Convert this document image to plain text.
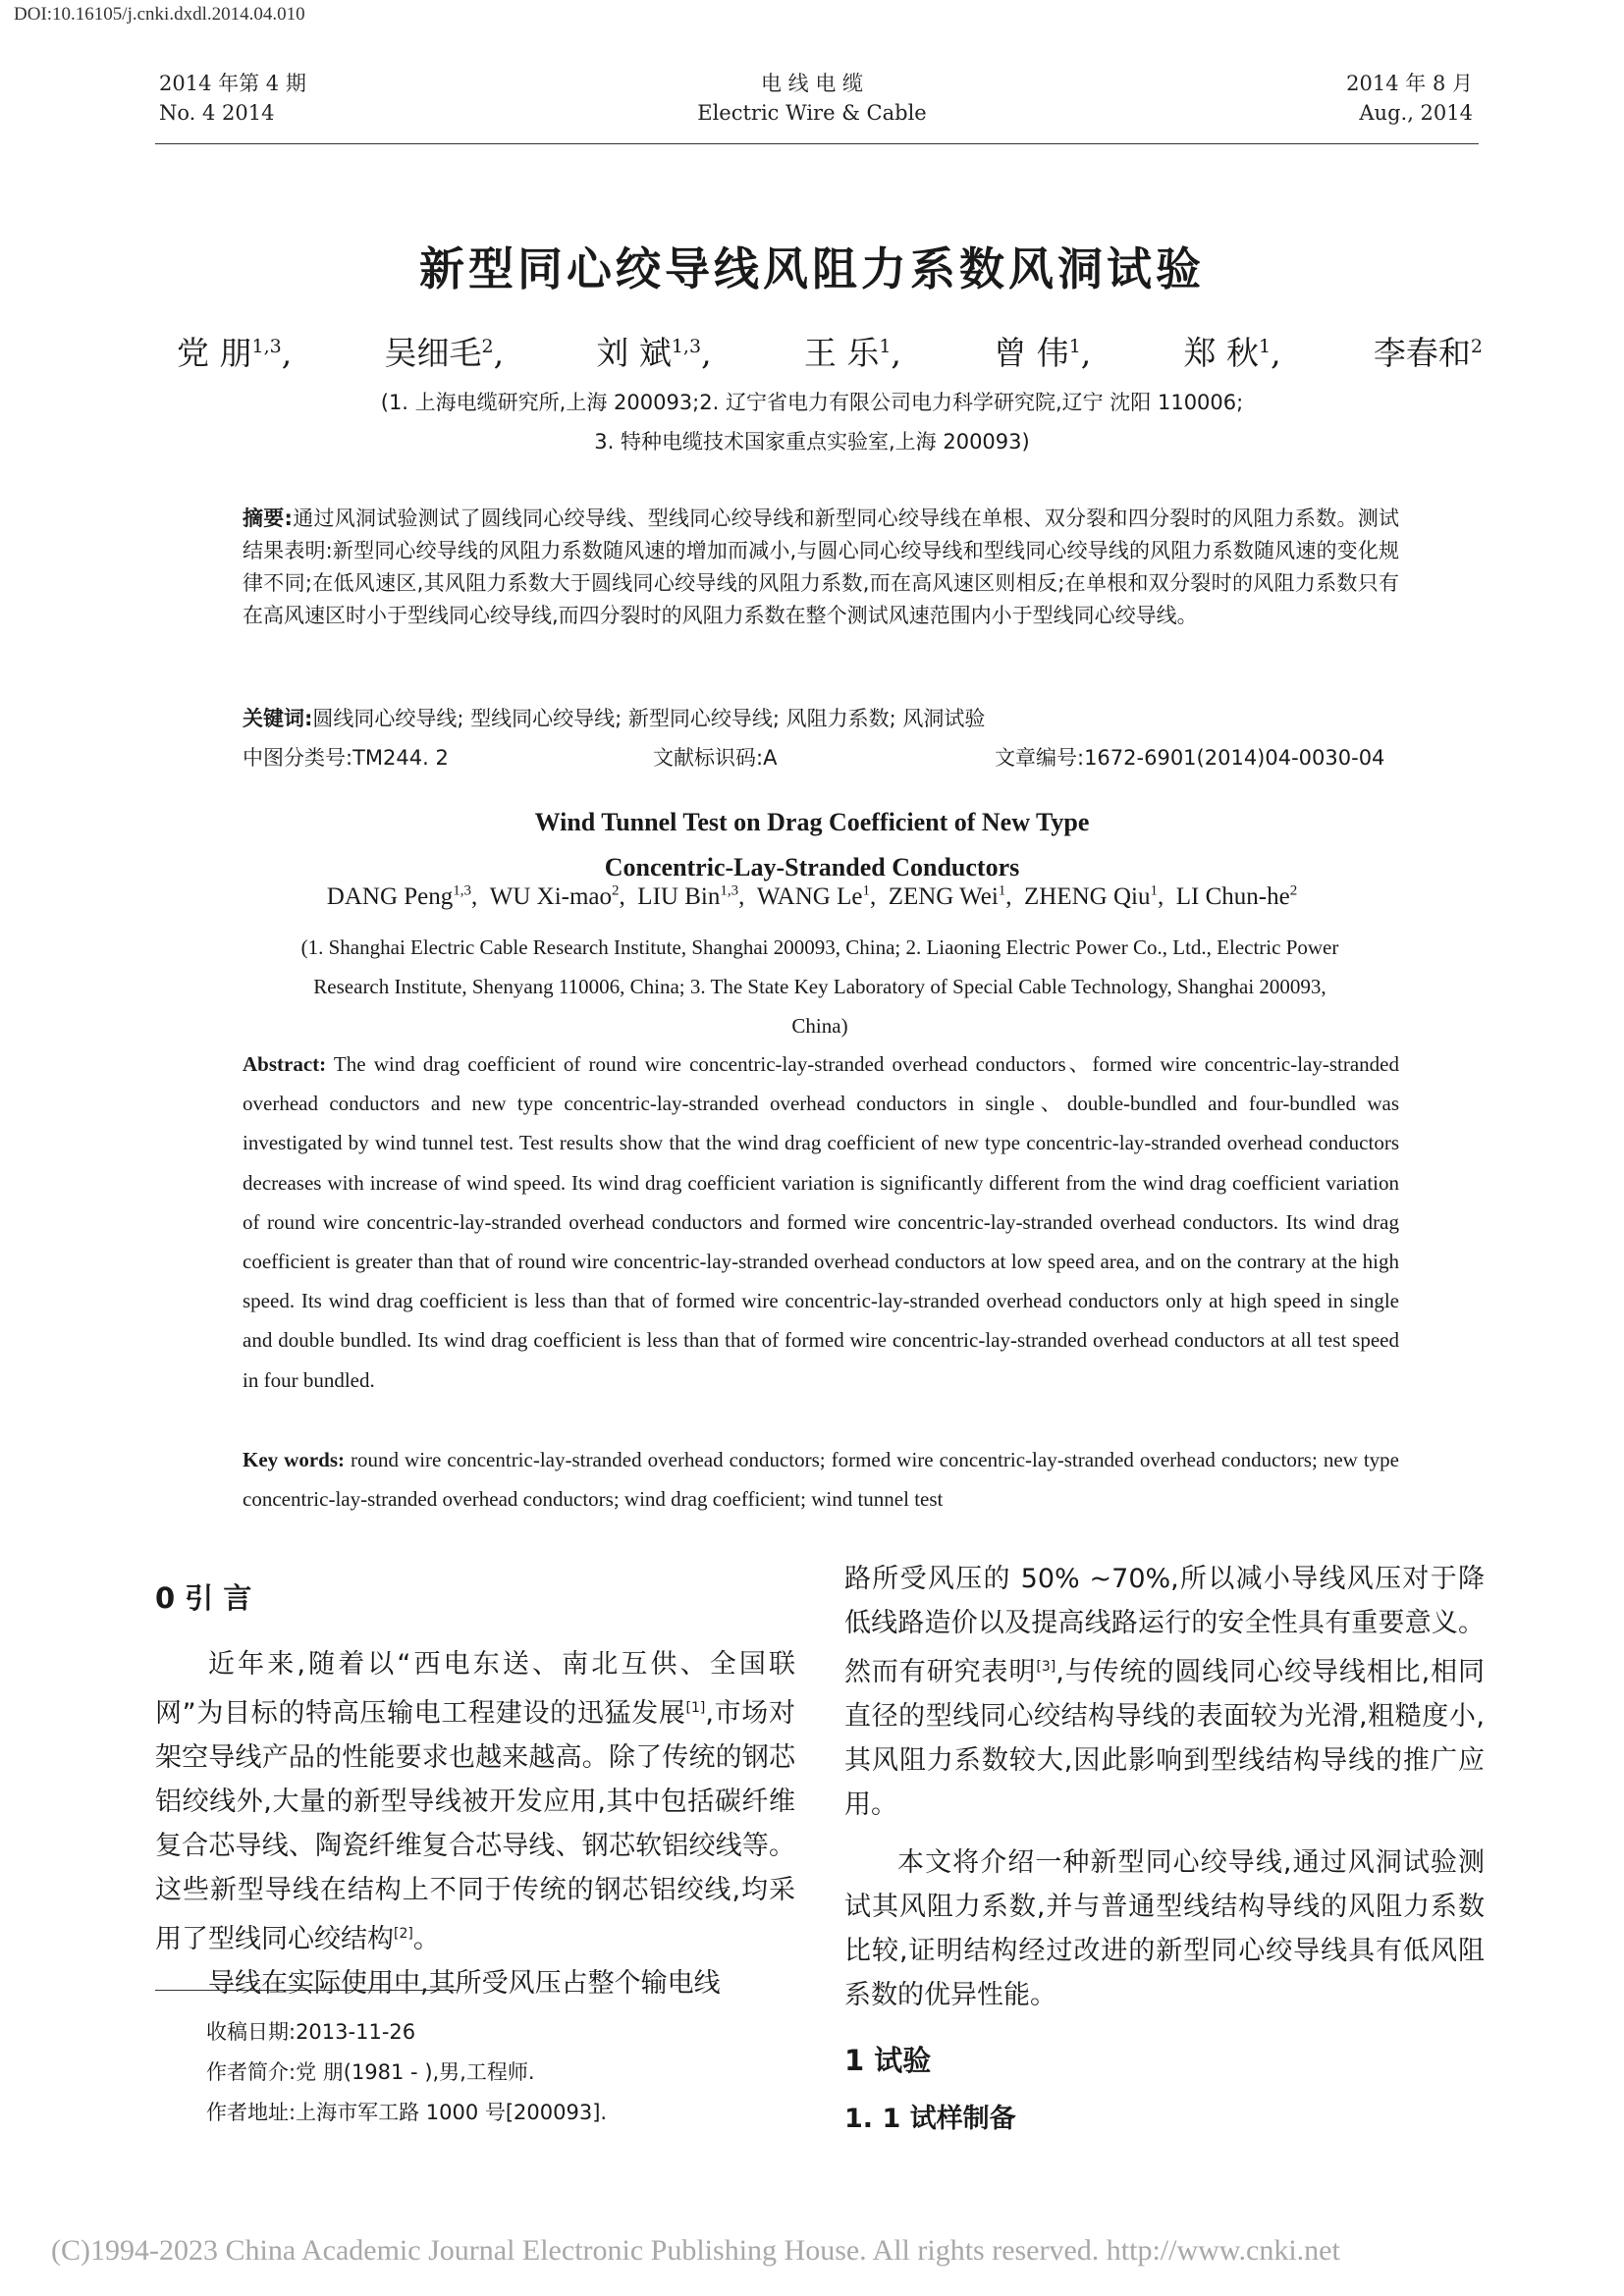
DOI:10.16105/j.cnki.dxdl.2014.04.010
2014 年第 4 期
No. 4 2014
电 线 电 缆
Electric Wire & Cable
2014 年 8 月
Aug., 2014
新型同心绞导线风阻力系数风洞试验
党 朋$^{1,3}$,	吴细毛$^2$,	刘 斌$^{1,3}$,	王 乐$^1$,	曾 伟$^1$,	郑 秋$^1$,	李春和$^2$
(1. 上海电缆研究所,上海 200093;2. 辽宁省电力有限公司电力科学研究院,辽宁 沈阳 110006;
3. 特种电缆技术国家重点实验室,上海 200093)
摘要:通过风洞试验测试了圆线同心绞导线、型线同心绞导线和新型同心绞导线在单根、双分裂和四分裂时的风阻力系数。测试结果表明:新型同心绞导线的风阻力系数随风速的增加而减小,与圆心同心绞导线和型线同心绞导线的风阻力系数随风速的变化规律不同;在低风速区,其风阻力系数大于圆线同心绞导线的风阻力系数,而在高风速区则相反;在单根和双分裂时的风阻力系数只有在高风速区时小于型线同心绞导线,而四分裂时的风阻力系数在整个测试风速范围内小于型线同心绞导线。
关键词:圆线同心绞导线; 型线同心绞导线; 新型同心绞导线; 风阻力系数; 风洞试验
中图分类号:TM244. 2	文献标识码:A	文章编号:1672-6901(2014)04-0030-04
Wind Tunnel Test on Drag Coefficient of New Type
Concentric-Lay-Stranded Conductors
DANG Peng$^{1,3}$,  WU Xi-mao$^2$,  LIU Bin$^{1,3}$,  WANG Le$^1$,  ZENG Wei$^1$,  ZHENG Qiu$^1$,  LI Chun-$he^2$
(1. Shanghai Electric Cable Research Institute, Shanghai 200093, China; 2. Liaoning Electric Power Co., Ltd., Electric Power Research Institute, Shenyang 110006, China; 3. The State Key Laboratory of Special Cable Technology, Shanghai 200093, China)
Abstract: The wind drag coefficient of round wire concentric-lay-stranded overhead conductors、formed wire concentric-lay-stranded overhead conductors and new type concentric-lay-stranded overhead conductors in single、double-bundled and four-bundled was investigated by wind tunnel test. Test results show that the wind drag coefficient of new type concentric-lay-stranded overhead conductors decreases with increase of wind speed. Its wind drag coefficient variation is significantly different from the wind drag coefficient variation of round wire concentric-lay-stranded overhead conductors and formed wire concentric-lay-stranded overhead conductors. Its wind drag coefficient is greater than that of round wire concentric-lay-stranded overhead conductors at low speed area, and on the contrary at the high speed. Its wind drag coefficient is less than that of formed wire concentric-lay-stranded overhead conductors only at high speed in single and double bundled. Its wind drag coefficient is less than that of formed wire concentric-lay-stranded overhead conductors at all test speed in four bundled.
Key words: round wire concentric-lay-stranded overhead conductors; formed wire concentric-lay-stranded overhead conductors; new type concentric-lay-stranded overhead conductors; wind drag coefficient; wind tunnel test
0 引 言

近年来,随着以“西电东送、南北互供、全国联网”为目标的特高压输电工程建设的迅猛发展[1],市场对架空导线产品的性能要求也越来越高。除了传统的钢芯铝绞线外,大量的新型导线被开发应用,其中包括碳纤维复合芯导线、陶瓷纤维复合芯导线、钢芯软铝绞线等。这些新型导线在结构上不同于传统的钢芯铝绞线,均采用了型线同心绞结构[2]。

导线在实际使用中,其所受风压占整个输电线

收稿日期:2013-11-26
作者简介:党 朋(1981 - ),男,工程师.
作者地址:上海市军工路 1000 号[200093].

路所受风压的 50% ~70%,所以减小导线风压对于降低线路造价以及提高线路运行的安全性具有重要意义。然而有研究表明[3],与传统的圆线同心绞导线相比,相同直径的型线同心绞结构导线的表面较为光滑,粗糙度小,其风阻力系数较大,因此影响到型线结构导线的推广应用。

本文将介绍一种新型同心绞导线,通过风洞试验测试其风阻力系数,并与普通型线结构导线的风阻力系数比较,证明结构经过改进的新型同心绞导线具有低风阻系数的优异性能。

1 试验
1. 1 试样制备
(C)1994-2023 China Academic Journal Electronic Publishing House. All rights reserved. http://www.cnki.net
